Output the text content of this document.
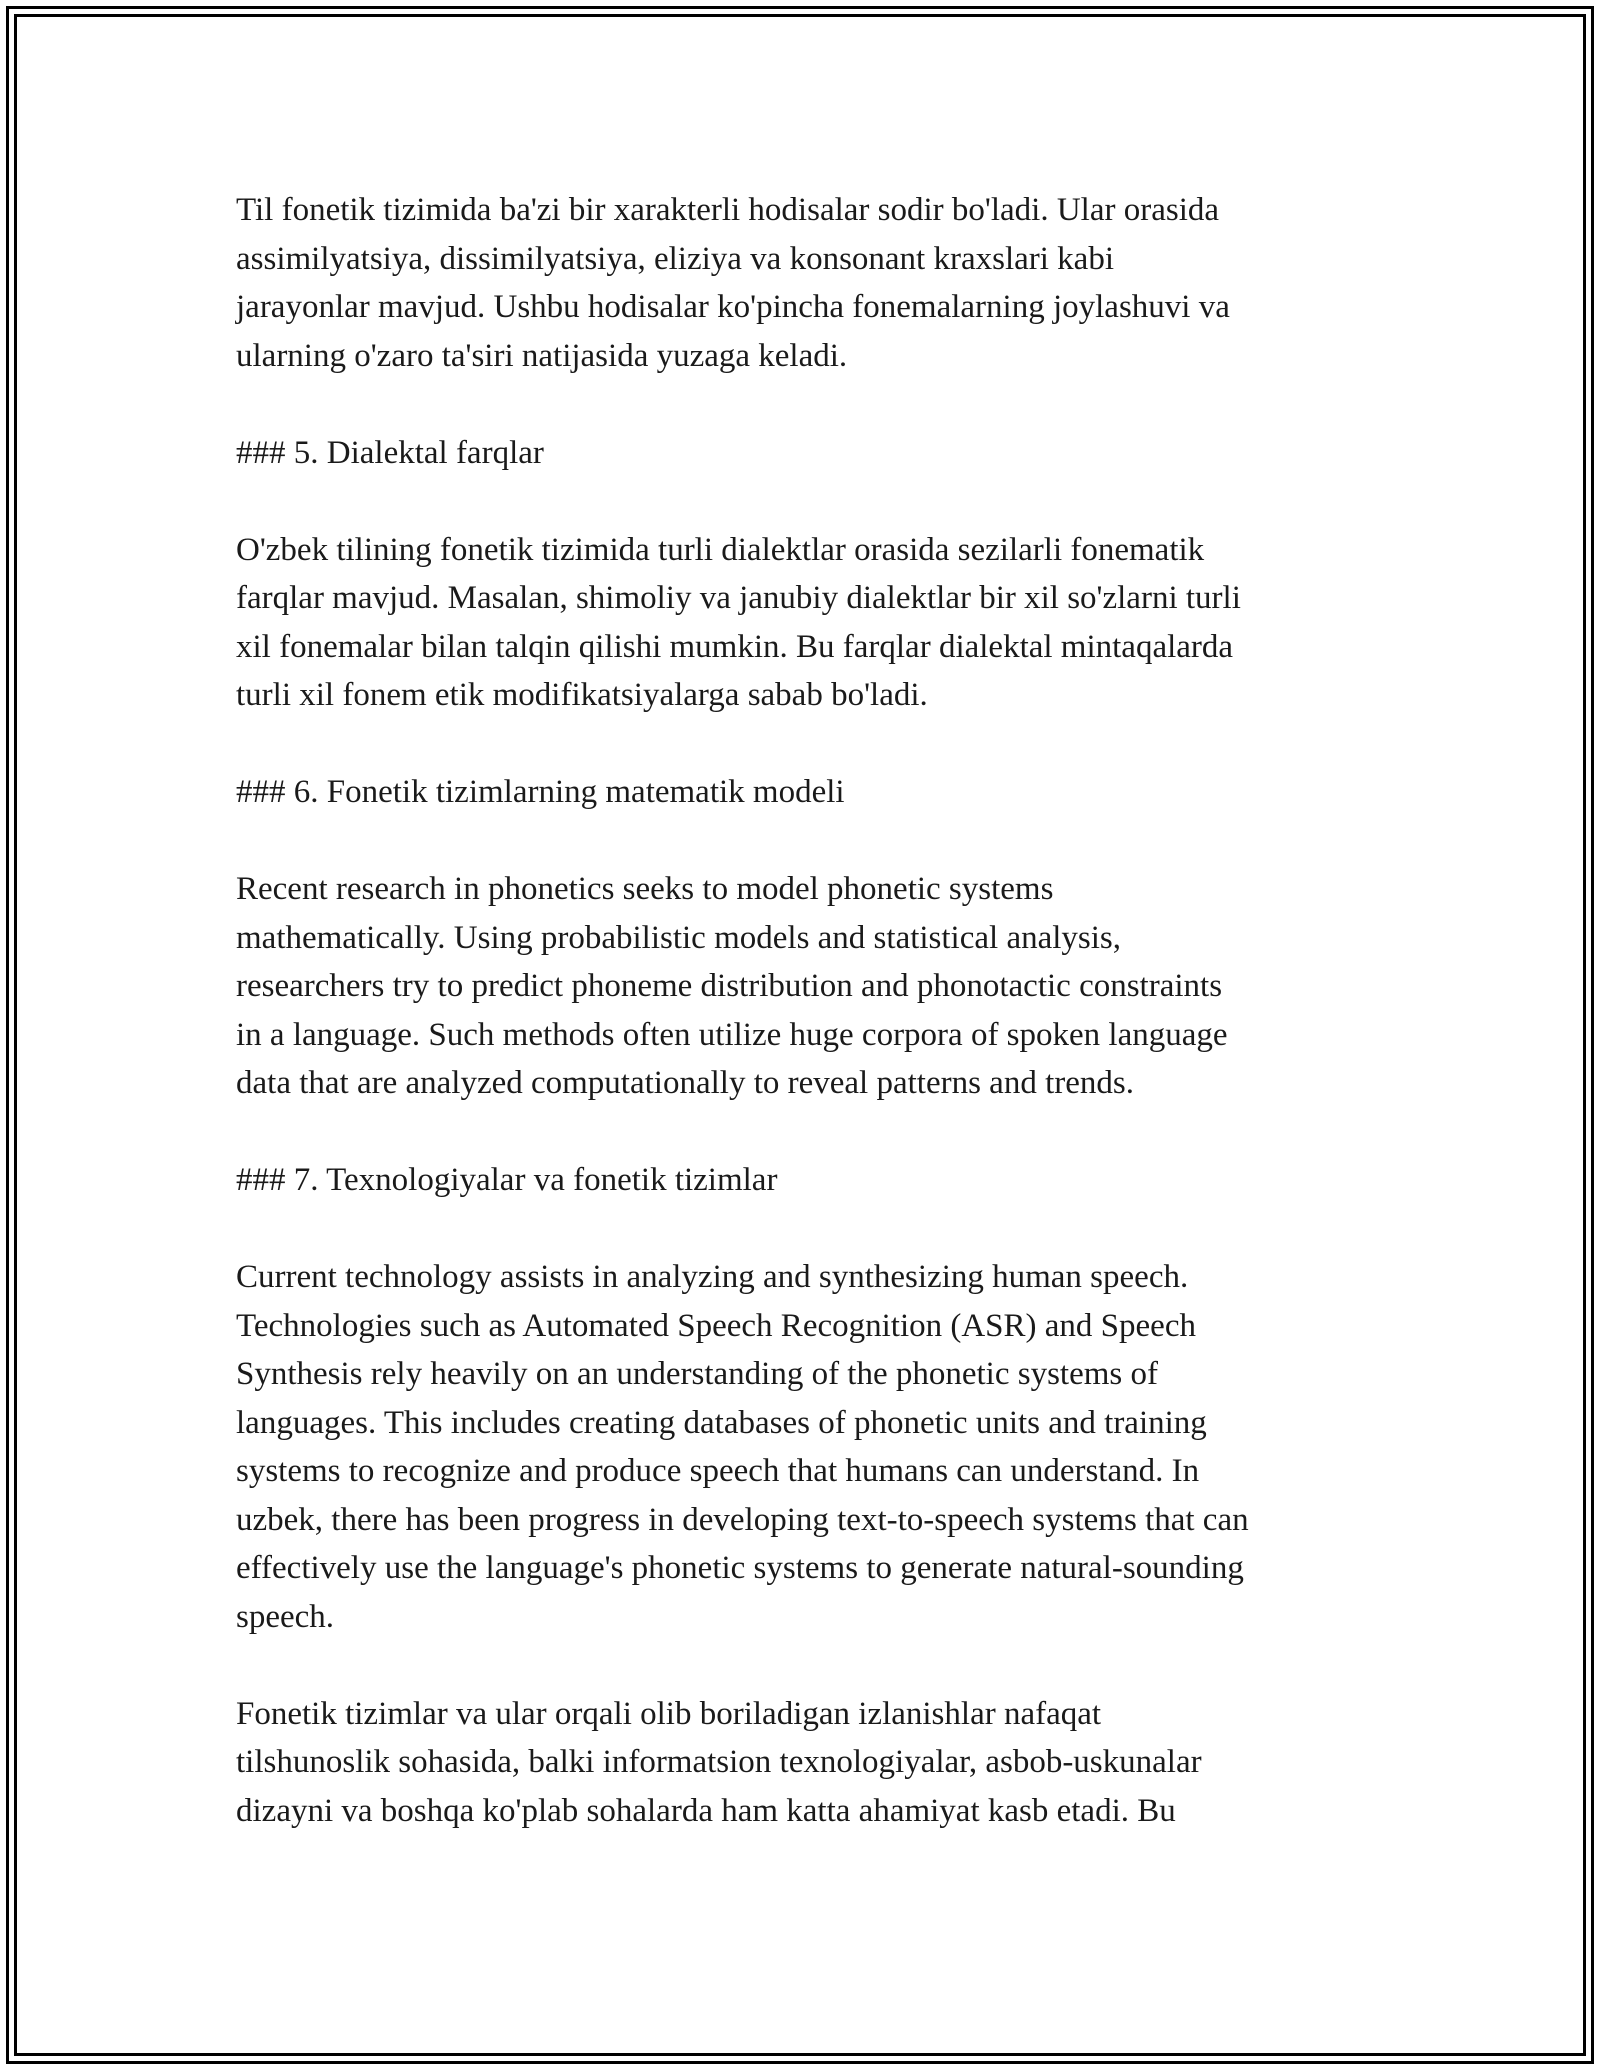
Til fonetik tizimida ba'zi bir xarakterli hodisalar sodir bo'ladi. Ular orasida
assimilyatsiya, dissimilyatsiya, eliziya va konsonant kraxslari kabi
jarayonlar mavjud. Ushbu hodisalar ko'pincha fonemalarning joylashuvi va
ularning o'zaro ta'siri natijasida yuzaga keladi.

### 5. Dialektal farqlar

O'zbek tilining fonetik tizimida turli dialektlar orasida sezilarli fonematik
farqlar mavjud. Masalan, shimoliy va janubiy dialektlar bir xil so'zlarni turli
xil fonemalar bilan talqin qilishi mumkin. Bu farqlar dialektal mintaqalarda
turli xil fonem etik modifikatsiyalarga sabab bo'ladi.

### 6. Fonetik tizimlarning matematik modeli

Recent research in phonetics seeks to model phonetic systems
mathematically. Using probabilistic models and statistical analysis,
researchers try to predict phoneme distribution and phonotactic constraints
in a language. Such methods often utilize huge corpora of spoken language
data that are analyzed computationally to reveal patterns and trends.

### 7. Texnologiyalar va fonetik tizimlar

Current technology assists in analyzing and synthesizing human speech.
Technologies such as Automated Speech Recognition (ASR) and Speech
Synthesis rely heavily on an understanding of the phonetic systems of
languages. This includes creating databases of phonetic units and training
systems to recognize and produce speech that humans can understand. In
uzbek, there has been progress in developing text-to-speech systems that can
effectively use the language's phonetic systems to generate natural-sounding
speech.

Fonetik tizimlar va ular orqali olib boriladigan izlanishlar nafaqat
tilshunoslik sohasida, balki informatsion texnologiyalar, asbob-uskunalar
dizayni va boshqa ko'plab sohalarda ham katta ahamiyat kasb etadi. Bu
